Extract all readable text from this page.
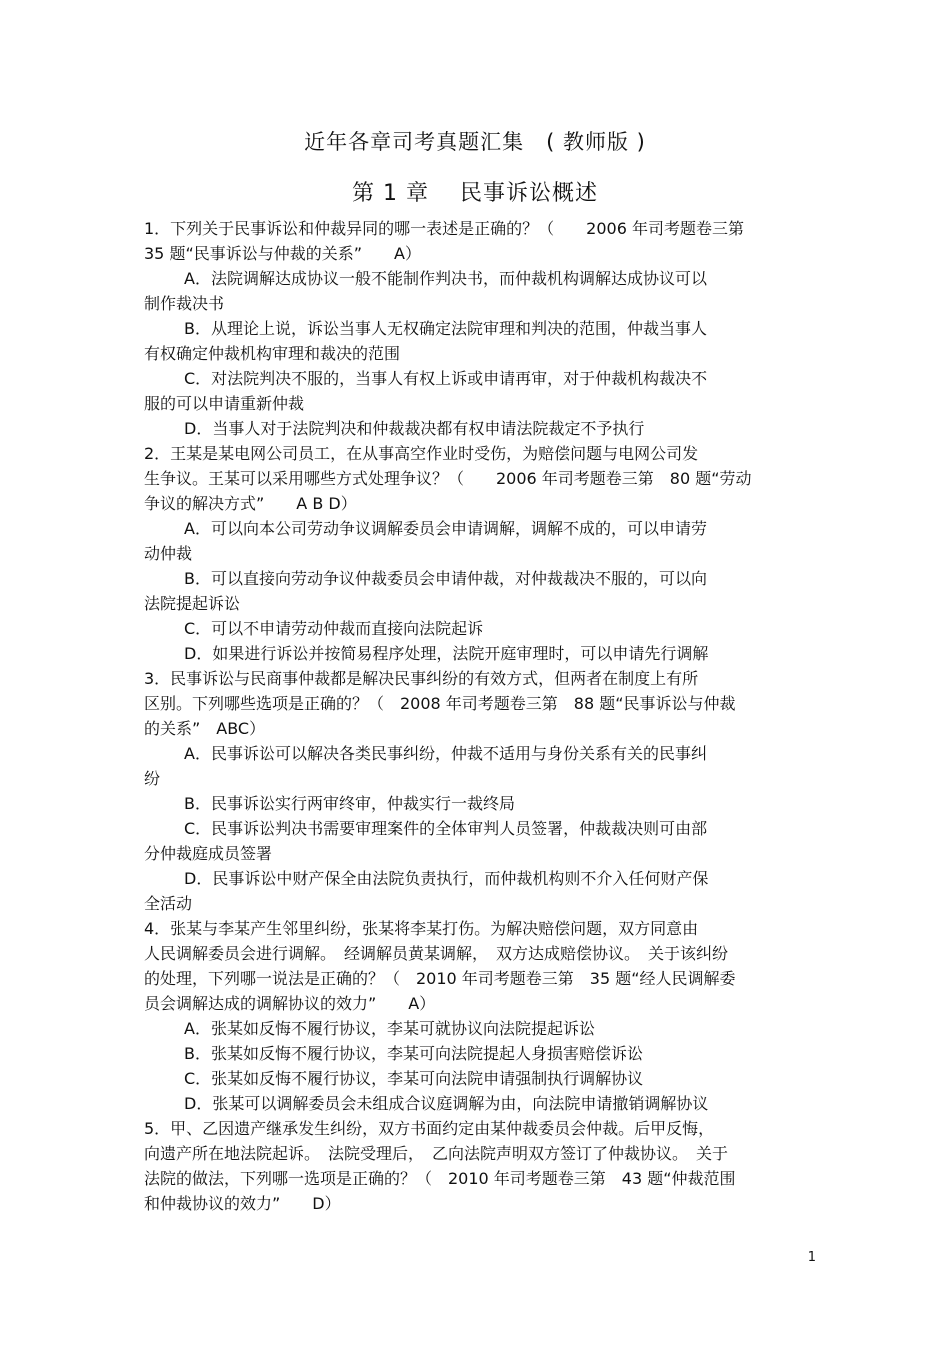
近年各章司考真题汇集　( 教师版 )
第 1 章　 民事诉讼概述
1．下列关于民事诉讼和仲裁异同的哪一表述是正确的？（　　2006 年司考题卷三第
35 题“民事诉讼与仲裁的关系”　　A）
A．法院调解达成协议一般不能制作判决书，而仲裁机构调解达成协议可以
制作裁决书
B．从理论上说，诉讼当事人无权确定法院审理和判决的范围，仲裁当事人
有权确定仲裁机构审理和裁决的范围
C．对法院判决不服的，当事人有权上诉或申请再审，对于仲裁机构裁决不
服的可以申请重新仲裁
D．当事人对于法院判决和仲裁裁决都有权申请法院裁定不予执行
2．王某是某电网公司员工，在从事高空作业时受伤，为赔偿问题与电网公司发
生争议。王某可以采用哪些方式处理争议？（　　2006 年司考题卷三第　80 题“劳动
争议的解决方式”　　A B D）
A．可以向本公司劳动争议调解委员会申请调解，调解不成的，可以申请劳
动仲裁
B．可以直接向劳动争议仲裁委员会申请仲裁，对仲裁裁决不服的，可以向
法院提起诉讼
C．可以不申请劳动仲裁而直接向法院起诉
D．如果进行诉讼并按简易程序处理，法院开庭审理时，可以申请先行调解
3．民事诉讼与民商事仲裁都是解决民事纠纷的有效方式，但两者在制度上有所
区别。下列哪些选项是正确的？（　2008 年司考题卷三第　88 题“民事诉讼与仲裁
的关系”　ABC）
A．民事诉讼可以解决各类民事纠纷，仲裁不适用与身份关系有关的民事纠
纷
B．民事诉讼实行两审终审，仲裁实行一裁终局
C．民事诉讼判决书需要审理案件的全体审判人员签署，仲裁裁决则可由部
分仲裁庭成员签署
D．民事诉讼中财产保全由法院负责执行，而仲裁机构则不介入任何财产保
全活动
4．张某与李某产生邻里纠纷，张某将李某打伤。为解决赔偿问题，双方同意由
人民调解委员会进行调解。　经调解员黄某调解，　双方达成赔偿协议。　关于该纠纷
的处理，下列哪一说法是正确的？（　2010 年司考题卷三第　35 题“经人民调解委
员会调解达成的调解协议的效力”　　A）
A．张某如反悔不履行协议，李某可就协议向法院提起诉讼
B．张某如反悔不履行协议，李某可向法院提起人身损害赔偿诉讼
C．张某如反悔不履行协议，李某可向法院申请强制执行调解协议
D．张某可以调解委员会未组成合议庭调解为由，向法院申请撤销调解协议
5．甲、乙因遗产继承发生纠纷，双方书面约定由某仲裁委员会仲裁。后甲反悔，
向遗产所在地法院起诉。　法院受理后，　乙向法院声明双方签订了仲裁协议。　关于
法院的做法，下列哪一选项是正确的？（　2010 年司考题卷三第　43 题“仲裁范围
和仲裁协议的效力”　　D）
1
